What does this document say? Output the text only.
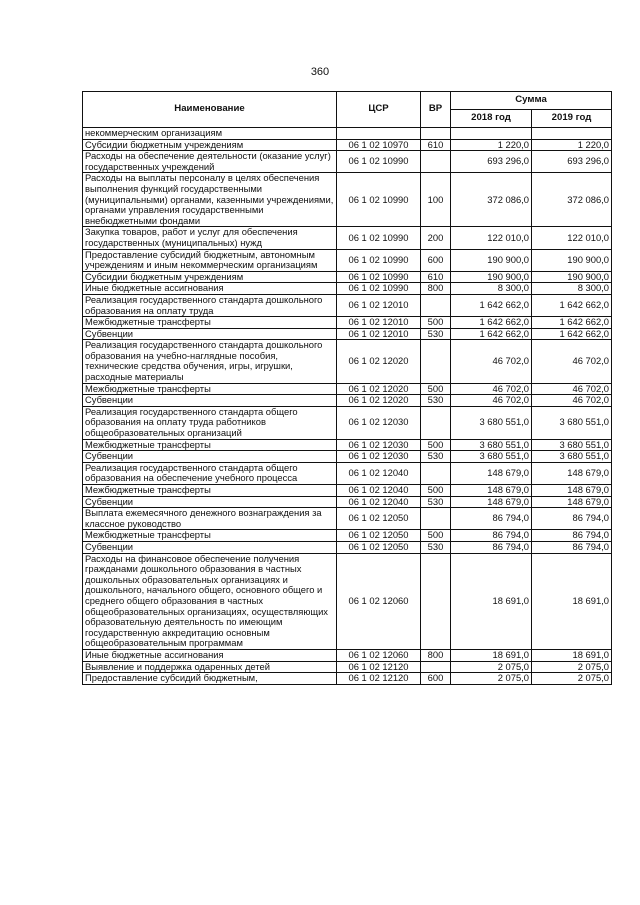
360
Наименование	ЦСР	ВР	Сумма	
			2018 год	2019 год
некоммерческим организациям				
Субсидии бюджетным учреждениям	06 1 02 10970	610	1 220,0	1 220,0
Расходы на обеспечение деятельности (оказание услуг) государственных учреждений	06 1 02 10990		693 296,0	693 296,0
Расходы на выплаты персоналу в целях обеспечения выполнения функций государственными (муниципальными) органами, казенными учреждениями, органами управления государственными внебюджетными фондами	06 1 02 10990	100	372 086,0	372 086,0
Закупка товаров, работ и услуг для обеспечения государственных (муниципальных) нужд	06 1 02 10990	200	122 010,0	122 010,0
Предоставление субсидий бюджетным, автономным учреждениям и иным некоммерческим организациям	06 1 02 10990	600	190 900,0	190 900,0
Субсидии бюджетным учреждениям	06 1 02 10990	610	190 900,0	190 900,0
Иные бюджетные ассигнования	06 1 02 10990	800	8 300,0	8 300,0
Реализация государственного стандарта дошкольного образования на оплату труда	06 1 02 12010		1 642 662,0	1 642 662,0
Межбюджетные трансферты	06 1 02 12010	500	1 642 662,0	1 642 662,0
Субвенции	06 1 02 12010	530	1 642 662,0	1 642 662,0
Реализация государственного стандарта дошкольного образования на учебно-наглядные пособия, технические средства обучения, игры, игрушки, расходные материалы	06 1 02 12020		46 702,0	46 702,0
Межбюджетные трансферты	06 1 02 12020	500	46 702,0	46 702,0
Субвенции	06 1 02 12020	530	46 702,0	46 702,0
Реализация государственного стандарта общего образования на оплату труда работников общеобразовательных организаций	06 1 02 12030		3 680 551,0	3 680 551,0
Межбюджетные трансферты	06 1 02 12030	500	3 680 551,0	3 680 551,0
Субвенции	06 1 02 12030	530	3 680 551,0	3 680 551,0
Реализация государственного стандарта общего образования на обеспечение учебного процесса	06 1 02 12040		148 679,0	148 679,0
Межбюджетные трансферты	06 1 02 12040	500	148 679,0	148 679,0
Субвенции	06 1 02 12040	530	148 679,0	148 679,0
Выплата ежемесячного денежного вознаграждения за классное руководство	06 1 02 12050		86 794,0	86 794,0
Межбюджетные трансферты	06 1 02 12050	500	86 794,0	86 794,0
Субвенции	06 1 02 12050	530	86 794,0	86 794,0
Расходы на финансовое обеспечение получения гражданами дошкольного образования в частных дошкольных образовательных организациях и дошкольного, начального общего, основного общего и среднего общего образования в частных общеобразовательных организациях, осуществляющих образовательную деятельность по имеющим государственную аккредитацию основным общеобразовательным программам	06 1 02 12060		18 691,0	18 691,0
Иные бюджетные ассигнования	06 1 02 12060	800	18 691,0	18 691,0
Выявление и поддержка одаренных детей	06 1 02 12120		2 075,0	2 075,0
Предоставление субсидий бюджетным,	06 1 02 12120	600	2 075,0	2 075,0
